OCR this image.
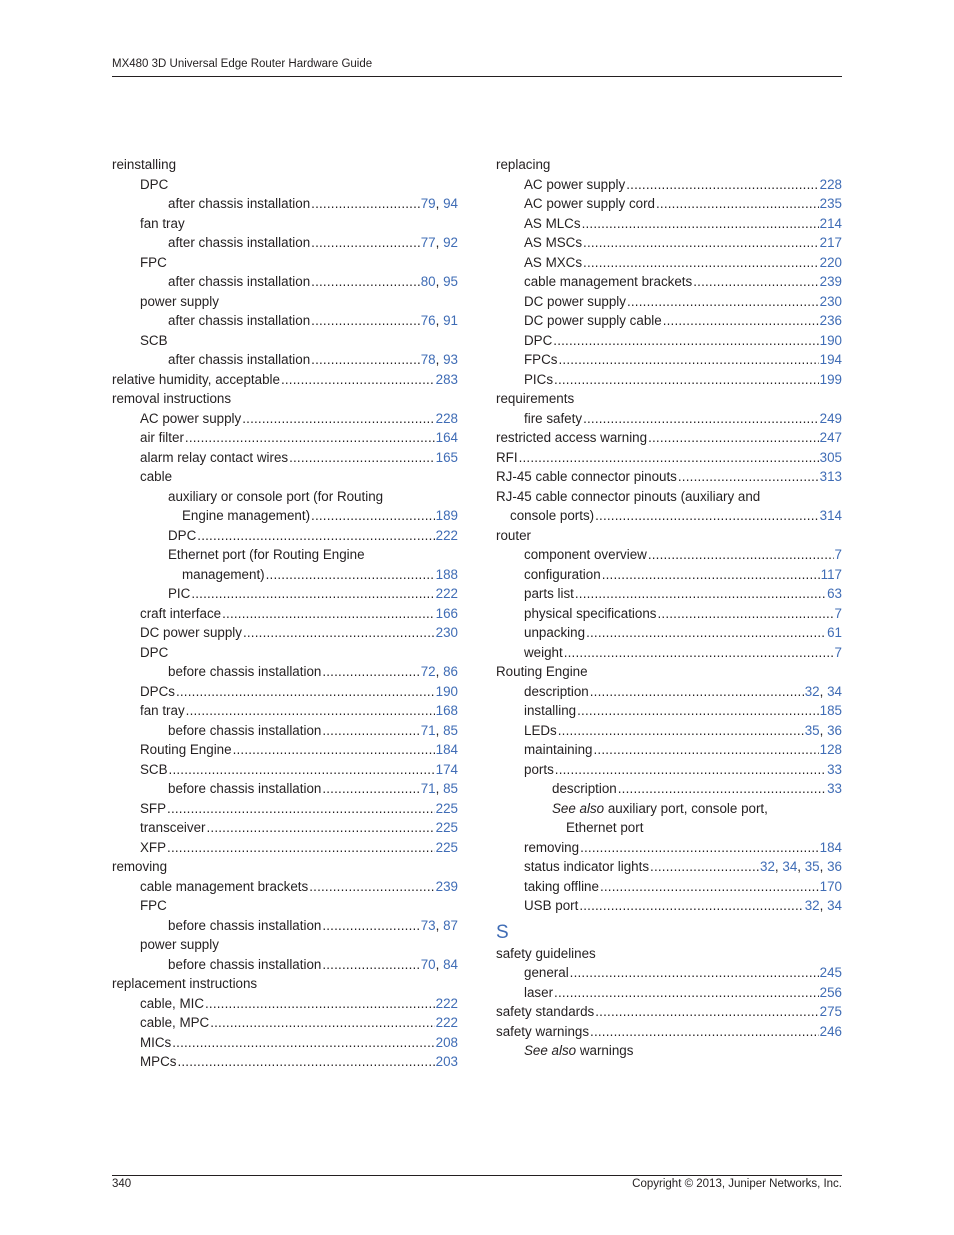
MX480 3D Universal Edge Router Hardware Guide
reinstalling
DPC
after chassis installation .....	79, 94
fan tray
after chassis installation .....	77, 92
FPC
after chassis installation .....	80, 95
power supply
after chassis installation .....	76, 91
SCB
after chassis installation .....	78, 93
relative humidity, acceptable .....	283
removal instructions
AC power supply .....	228
air filter .....	164
alarm relay contact wires .....	165
cable
auxiliary or console port (for Routing
Engine management) .....	189
DPC .....	222
Ethernet port (for Routing Engine
management) .....	188
PIC .....	222
craft interface .....	166
DC power supply .....	230
DPC
before chassis installation .....	72, 86
DPCs .....	190
fan tray .....	168
before chassis installation .....	71, 85
Routing Engine .....	184
SCB .....	174
before chassis installation .....	71, 85
SFP .....	225
transceiver .....	225
XFP .....	225
removing
cable management brackets .....	239
FPC
before chassis installation .....	73, 87
power supply
before chassis installation .....	70, 84
replacement instructions
cable, MIC .....	222
cable, MPC .....	222
MICs .....	208
MPCs .....	203
replacing
AC power supply .....	228
AC power supply cord .....	235
AS MLCs .....	214
AS MSCs .....	217
AS MXCs .....	220
cable management brackets .....	239
DC power supply .....	230
DC power supply cable .....	236
DPC .....	190
FPCs .....	194
PICs .....	199
requirements
fire safety .....	249
restricted access warning .....	247
RFI .....	305
RJ-45 cable connector pinouts .....	313
RJ-45 cable connector pinouts (auxiliary and
console ports) .....	314
router
component overview .....	7
configuration .....	117
parts list .....	63
physical specifications .....	7
unpacking .....	61
weight .....	7
Routing Engine
description .....	32, 34
installing .....	185
LEDs .....	35, 36
maintaining .....	128
ports .....	33
description .....	33
See also auxiliary port, console port,
Ethernet port
removing .....	184
status indicator lights .....	32, 34, 35, 36
taking offline .....	170
USB port .....	32, 34
S
safety guidelines
general .....	245
laser .....	256
safety standards .....	275
safety warnings .....	246
See also warnings
340	Copyright © 2013, Juniper Networks, Inc.
